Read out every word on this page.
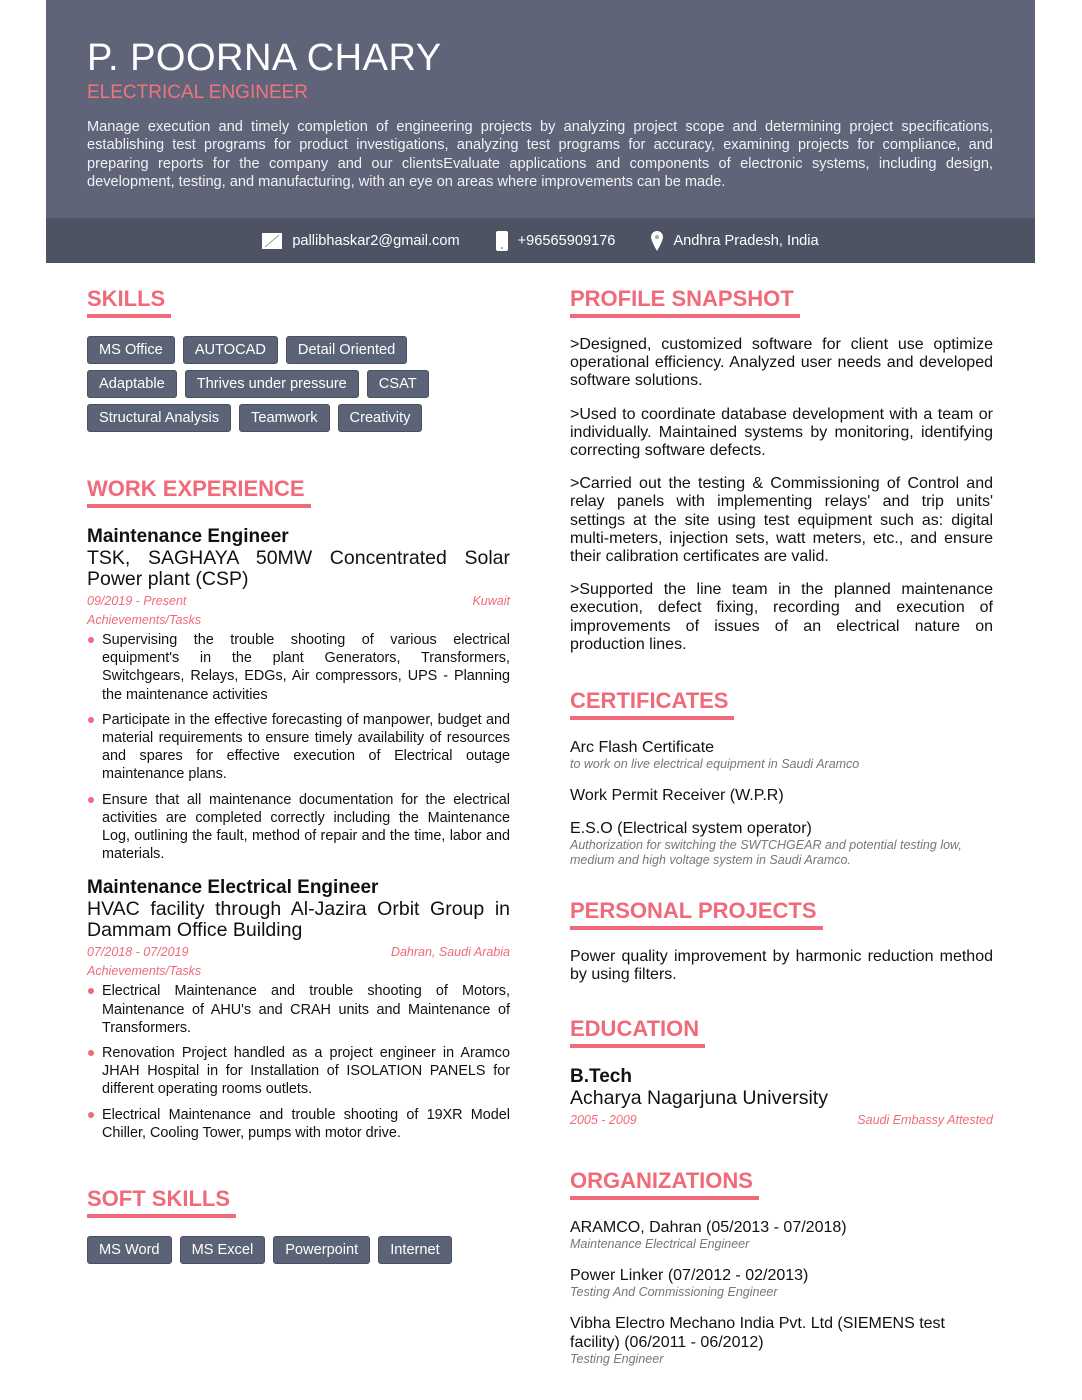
P. POORNA CHARY
ELECTRICAL ENGINEER
Manage execution and timely completion of engineering projects by analyzing project scope and determining project specifications, establishing test programs for product investigations, analyzing test programs for accuracy, examining projects for compliance, and preparing reports for the company and our clientsEvaluate applications and components of electronic systems, including design, development, testing, and manufacturing, with an eye on areas where improvements can be made.
pallibhaskar2@gmail.com	+96565909176	Andhra Pradesh, India
SKILLS
MS Office	AUTOCAD	Detail Oriented
Adaptable	Thrives under pressure	CSAT
Structural Analysis	Teamwork	Creativity
WORK EXPERIENCE
Maintenance Engineer
TSK, SAGHAYA 50MW Concentrated Solar Power plant (CSP)
09/2019 - Present	Kuwait
Achievements/Tasks
Supervising the trouble shooting of various electrical equipment's in the plant Generators, Transformers, Switchgears, Relays, EDGs, Air compressors, UPS - Planning the maintenance activities
Participate in the effective forecasting of manpower, budget and material requirements to ensure timely availability of resources and spares for effective execution of Electrical outage maintenance plans.
Ensure that all maintenance documentation for the electrical activities are completed correctly including the Maintenance Log, outlining the fault, method of repair and the time, labor and materials.
Maintenance Electrical Engineer
HVAC facility through Al-Jazira Orbit Group in Dammam Office Building
07/2018 - 07/2019	Dahran, Saudi Arabia
Achievements/Tasks
Electrical Maintenance and trouble shooting of Motors, Maintenance of AHU's and CRAH units and Maintenance of Transformers.
Renovation Project handled as a project engineer in Aramco JHAH Hospital in for Installation of ISOLATION PANELS for different operating rooms outlets.
Electrical Maintenance and trouble shooting of 19XR Model Chiller, Cooling Tower, pumps with motor drive.
SOFT SKILLS
MS Word	MS Excel	Powerpoint	Internet
PROFILE SNAPSHOT
>Designed, customized software for client use optimize operational efficiency. Analyzed user needs and developed software solutions.
>Used to coordinate database development with a team or individually. Maintained systems by monitoring, identifying correcting software defects.
>Carried out the testing & Commissioning of Control and relay panels with implementing relays' and trip units' settings at the site using test equipment such as: digital multi-meters, injection sets, watt meters, etc., and ensure their calibration certificates are valid.
>Supported the line team in the planned maintenance execution, defect fixing, recording and execution of improvements of issues of an electrical nature on production lines.
CERTIFICATES
Arc Flash Certificate
to work on live electrical equipment in Saudi Aramco
Work Permit Receiver (W.P.R)
E.S.O (Electrical system operator)
Authorization for switching the SWTCHGEAR and potential testing low, medium and high voltage system in Saudi Aramco.
PERSONAL PROJECTS
Power quality improvement by harmonic reduction method by using filters.
EDUCATION
B.Tech
Acharya Nagarjuna University
2005 - 2009	Saudi Embassy Attested
ORGANIZATIONS
ARAMCO, Dahran (05/2013 - 07/2018)
Maintenance Electrical Engineer
Power Linker (07/2012 - 02/2013)
Testing And Commissioning Engineer
Vibha Electro Mechano India Pvt. Ltd (SIEMENS test facility) (06/2011 - 06/2012)
Testing Engineer
